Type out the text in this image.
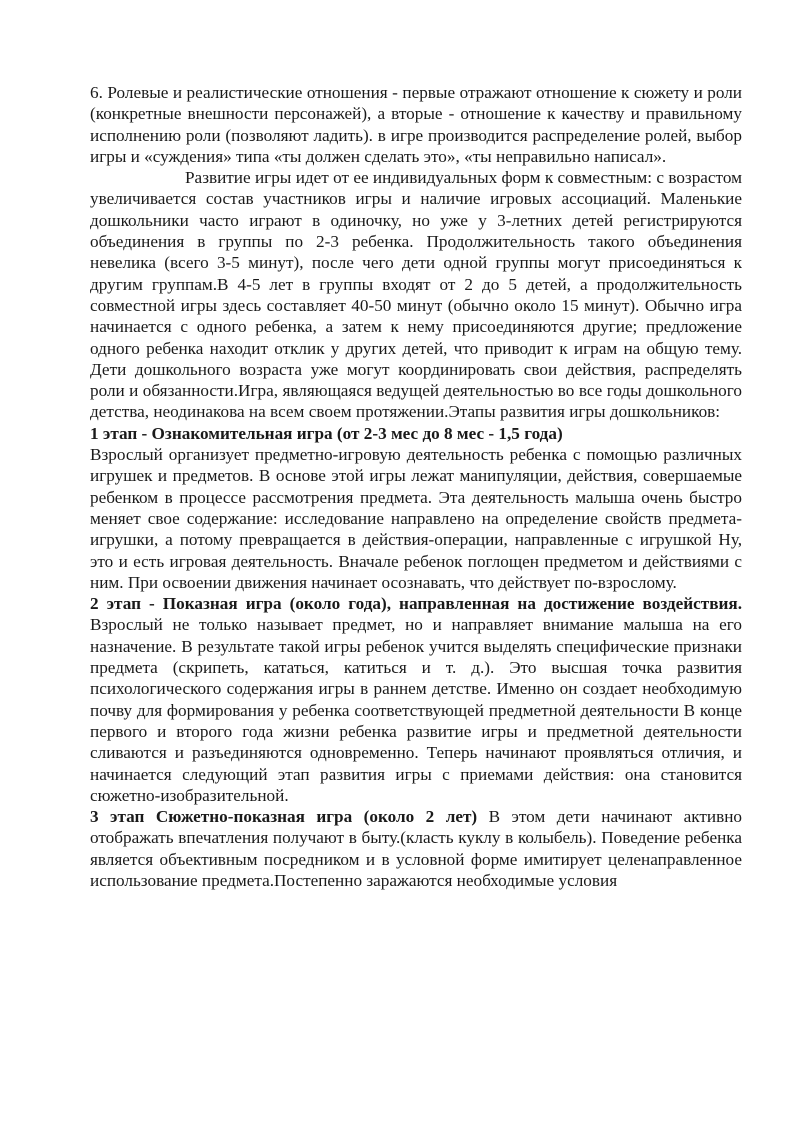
6. Ролевые и реалистические отношения - первые отражают отношение к сюжету и роли (конкретные внешности персонажей), а вторые - отношение к качеству и правильному исполнению роли (позволяют ладить). в игре производится распределение ролей, выбор игры и «суждения» типа «ты должен сделать это», «ты неправильно написал».

Развитие игры идет от ее индивидуальных форм к совместным: с возрастом увеличивается состав участников игры и наличие игровых ассоциаций. Маленькие дошкольники часто играют в одиночку, но уже у 3-летних детей регистрируются объединения в группы по 2-3 ребенка. Продолжительность такого объединения невелика (всего 3-5 минут), после чего дети одной группы могут присоединяться к другим группам.В 4-5 лет в группы входят от 2 до 5 детей, а продолжительность совместной игры здесь составляет 40-50 минут (обычно около 15 минут). Обычно игра начинается с одного ребенка, а затем к нему присоединяются другие; предложение одного ребенка находит отклик у других детей, что приводит к играм на общую тему. Дети дошкольного возраста уже могут координировать свои действия, распределять роли и обязанности.Игра, являющаяся ведущей деятельностью во все годы дошкольного детства, неодинакова на всем своем протяжении.Этапы развития игры дошкольников:

1 этап - Ознакомительная игра (от 2-3 мес до 8 мес - 1,5 года)

Взрослый организует предметно-игровую деятельность ребенка с помощью различных игрушек и предметов. В основе этой игры лежат манипуляции, действия, совершаемые ребенком в процессе рассмотрения предмета. Эта деятельность малыша очень быстро меняет свое содержание: исследование направлено на определение свойств предмета-игрушки, а потому превращается в действия-операции, направленные с игрушкой Ну, это и есть игровая деятельность. Вначале ребенок поглощен предметом и действиями с ним. При освоении движения начинает осознавать, что действует по-взрослому.

2 этап - Показная игра (около года), направленная на достижение воздействия. Взрослый не только называет предмет, но и направляет внимание малыша на его назначение. В результате такой игры ребенок учится выделять специфические признаки предмета (скрипеть, кататься, катиться и т. д.). Это высшая точка развития психологического содержания игры в раннем детстве. Именно он создает необходимую почву для формирования у ребенка соответствующей предметной деятельности В конце первого и второго года жизни ребенка развитие игры и предметной деятельности сливаются и разъединяются одновременно. Теперь начинают проявляться отличия, и начинается следующий этап развития игры с приемами действия: она становится сюжетно-изобразительной.

3 этап Сюжетно-показная игра (около 2 лет) В этом дети начинают активно отображать впечатления получают в быту.(класть куклу в колыбель). Поведение ребенка является объективным посредником и в условной форме имитирует целенаправленное использование предмета.Постепенно заражаются необходимые условия
